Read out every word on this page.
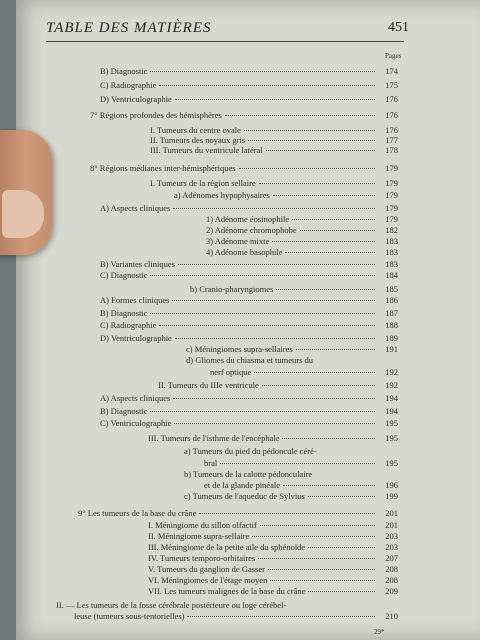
TABLE DES MATIÈRES	451
Pages
B) Diagnostic	174
C) Radiographie	175
D) Ventriculographie	176
7° Régions profondes des hémisphères	176
I. Tumeurs du centre ovale	176
II. Tumeurs des noyaux gris	177
III. Tumeurs du ventricule latéral	178
8° Régions médianes inter-hémisphériques	179
I. Tumeurs de la région sellaire	179
a) Adénomes hypophysaires	179
A) Aspects cliniques	179
1) Adénome éosinophile	179
2) Adénome chromophobe	182
3) Adénome mixte	183
4) Adénome basophile	183
B) Variantes cliniques	183
C) Diagnostic	184
b) Cranio-pharyngiomes	185
A) Formes cliniques	186
B) Diagnostic	187
C) Radiographie	188
D) Ventriculographie	189
c) Méningiomes supra-sellaires	191
d) Gliomes du chiasma et tumeurs du
nerf optique	192
II. Tumeurs du IIIe ventricule	192
A) Aspects cliniques	194
B) Diagnostic	194
C) Ventriculographie	195
III. Tumeurs de l'isthme de l'encéphale	195
a) Tumeurs du pied du pédoncule céré-
bral	195
b) Tumeurs de la calotte pédonculaire
et de la glande pinéale	196
c) Tumeurs de l'aqueduc de Sylvius	199
9° Les tumeurs de la base du crâne	201
I. Méningiome du sillon olfactif	201
II. Méningiome supra-sellaire	203
III. Méningiome de la petite aile du sphénoïde	203
IV. Tumeurs temporo-orbitaires	207
V. Tumeurs du ganglion de Gasser	208
VI. Méningiomes de l'étage moyen	208
VII. Les tumeurs malignes de la base du crâne	209
II. — Les tumeurs de la fosse cérébrale postérieure ou loge cérébel-
leuse (tumeurs sous-tentorielles)	210
29*
